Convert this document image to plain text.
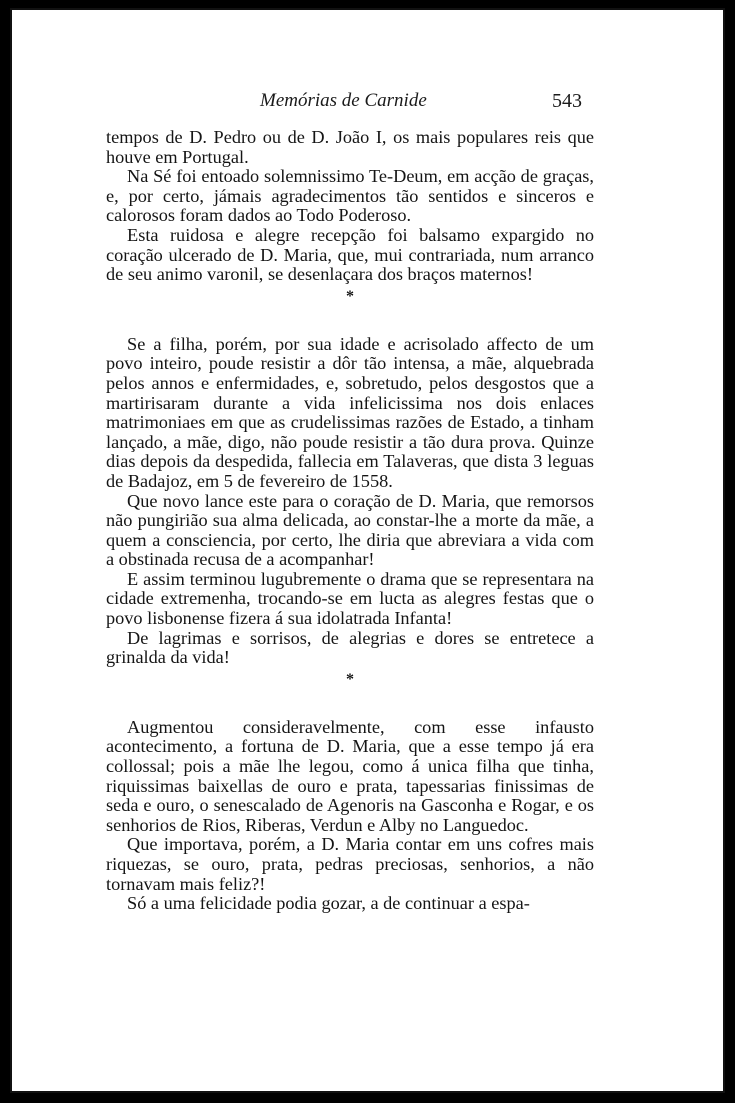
Memórias de Carnide	543

tempos de D. Pedro ou de D. João I, os mais populares reis que houve em Portugal.

Na Sé foi entoado solemnissimo Te-Deum, em acção de graças, e, por certo, jámais agradecimentos tão sentidos e sinceros e calorosos foram dados ao Todo Poderoso.

Esta ruidosa e alegre recepção foi balsamo expargido no coração ulcerado de D. Maria, que, mui contrariada, num arranco de seu animo varonil, se desenlaçara dos braços maternos!

*

Se a filha, porém, por sua idade e acrisolado affecto de um povo inteiro, poude resistir a dôr tão intensa, a mãe, alquebrada pelos annos e enfermidades, e, sobretudo, pelos desgostos que a martirisaram durante a vida infelicissima nos dois enlaces matrimoniaes em que as crudelissimas razões de Estado, a tinham lançado, a mãe, digo, não poude resistir a tão dura prova. Quinze dias depois da despedida, fallecia em Talaveras, que dista 3 leguas de Badajoz, em 5 de fevereiro de 1558.

Que novo lance este para o coração de D. Maria, que remorsos não pungirião sua alma delicada, ao constar-lhe a morte da mãe, a quem a consciencia, por certo, lhe diria que abreviara a vida com a obstinada recusa de a acompanhar!

E assim terminou lugubremente o drama que se representara na cidade extremenha, trocando-se em lucta as alegres festas que o povo lisbonense fizera á sua idolatrada Infanta!

De lagrimas e sorrisos, de alegrias e dores se entretece a grinalda da vida!

*

Augmentou consideravelmente, com esse infausto acontecimento, a fortuna de D. Maria, que a esse tempo já era collossal; pois a mãe lhe legou, como á unica filha que tinha, riquissimas baixellas de ouro e prata, tapessarias finissimas de seda e ouro, o senescalado de Agenoris na Gasconha e Rogar, e os senhorios de Rios, Riberas, Verdun e Alby no Languedoc.

Que importava, porém, a D. Maria contar em uns cofres mais riquezas, se ouro, prata, pedras preciosas, senhorios, a não tornavam mais feliz?!

Só a uma felicidade podia gozar, a de continuar a espa-
